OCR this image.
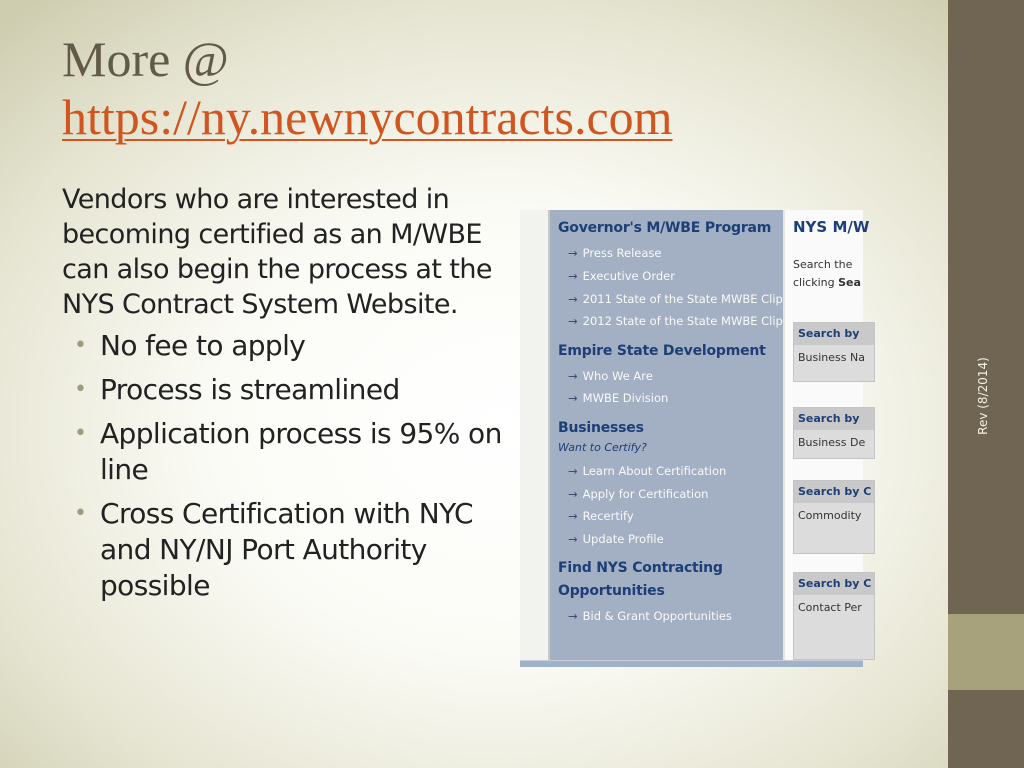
Rev (8/2014)
More @
https://ny.newnycontracts.com

Vendors who are interested in becoming certified as an M/WBE can also begin the process at the NYS Contract System Website.

• No fee to apply
• Process is streamlined
• Application process is 95% on line
• Cross Certification with NYC and NY/NJ Port Authority possible
Governor's M/WBE Program
→ Press Release
→ Executive Order
→ 2011 State of the State MWBE Clip
→ 2012 State of the State MWBE Clip
Empire State Development
→ Who We Are
→ MWBE Division
Businesses
Want to Certify?
→ Learn About Certification
→ Apply for Certification
→ Recertify
→ Update Profile
Find NYS Contracting
Opportunities
→ Bid & Grant Opportunities
NYS M/W
Search the
clicking Sea
Search by
Business Na
Search by
Business De
Search by C
Commodity
Search by C
Contact Per
